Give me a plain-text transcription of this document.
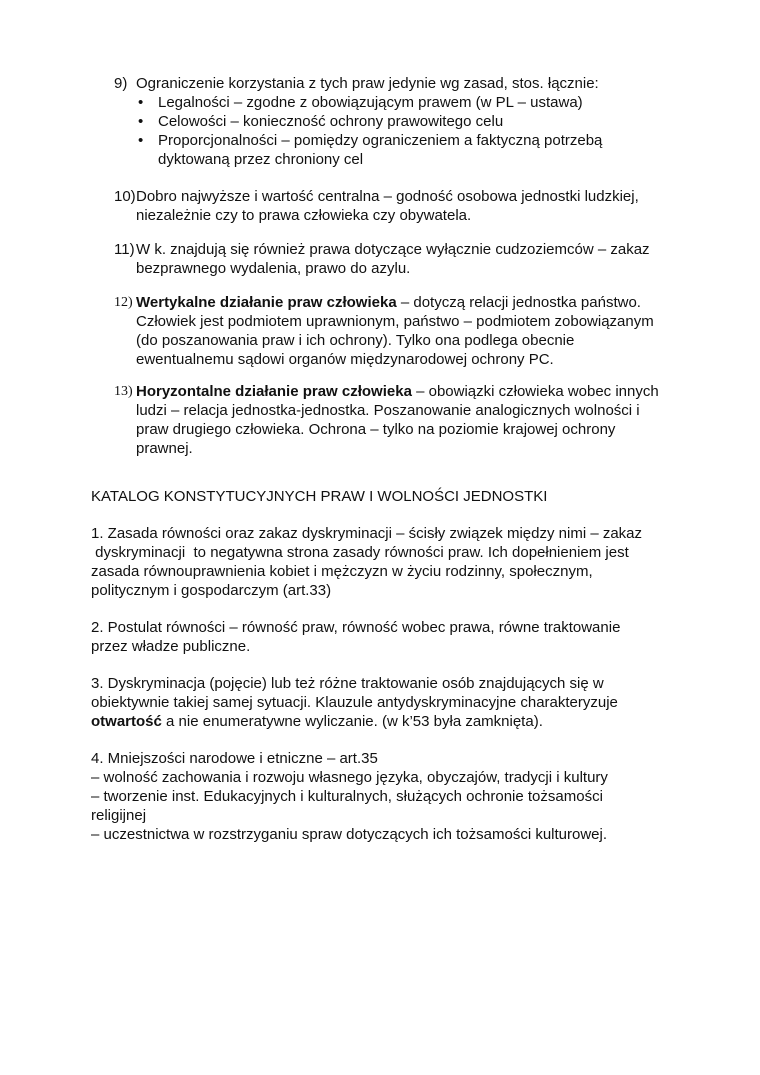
9) Ograniczenie korzystania z tych praw jedynie wg zasad, stos. łącznie:
• Legalności – zgodne z obowiązującym prawem (w PL – ustawa)
• Celowości – konieczność ochrony prawowitego celu
• Proporcjonalności – pomiędzy ograniczeniem a faktyczną potrzebą dyktowaną przez chroniony cel
10) Dobro najwyższe i wartość centralna – godność osobowa jednostki ludzkiej, niezależnie czy to prawa człowieka czy obywatela.
11) W k. znajdują się również prawa dotyczące wyłącznie cudzoziemców – zakaz bezprawnego wydalenia, prawo do azylu.
12) Wertykalne działanie praw człowieka – dotyczą relacji jednostka państwo. Człowiek jest podmiotem uprawnionym, państwo – podmiotem zobowiązanym (do poszanowania praw i ich ochrony). Tylko ona podlega obecnie ewentualnemu sądowi organów międzynarodowej ochrony PC.
13) Horyzontalne działanie praw człowieka – obowiązki człowieka wobec innych ludzi – relacja jednostka-jednostka. Poszanowanie analogicznych wolności i praw drugiego człowieka. Ochrona – tylko na poziomie krajowej ochrony prawnej.

KATALOG KONSTYTUCYJNYCH PRAW I WOLNOŚCI JEDNOSTKI

1. Zasada równości oraz zakaz dyskryminacji – ścisły związek między nimi – zakaz
dyskryminacji  to negatywna strona zasady równości praw. Ich dopełnieniem jest
zasada równouprawnienia kobiet i mężczyzn w życiu rodzinny, społecznym,
politycznym i gospodarczym (art.33)
2. Postulat równości – równość praw, równość wobec prawa, równe traktowanie
przez władze publiczne.
3. Dyskryminacja (pojęcie) lub też różne traktowanie osób znajdujących się w
obiektywnie takiej samej sytuacji. Klauzule antydyskryminacyjne charakteryzuje
otwartość a nie enumeratywne wyliczanie. (w k’53 była zamknięta).
4. Mniejszości narodowe i etniczne – art.35
– wolność zachowania i rozwoju własnego języka, obyczajów, tradycji i kultury
– tworzenie inst. Edukacyjnych i kulturalnych, służących ochronie tożsamości
religijnej
– uczestnictwa w rozstrzyganiu spraw dotyczących ich tożsamości kulturowej.
